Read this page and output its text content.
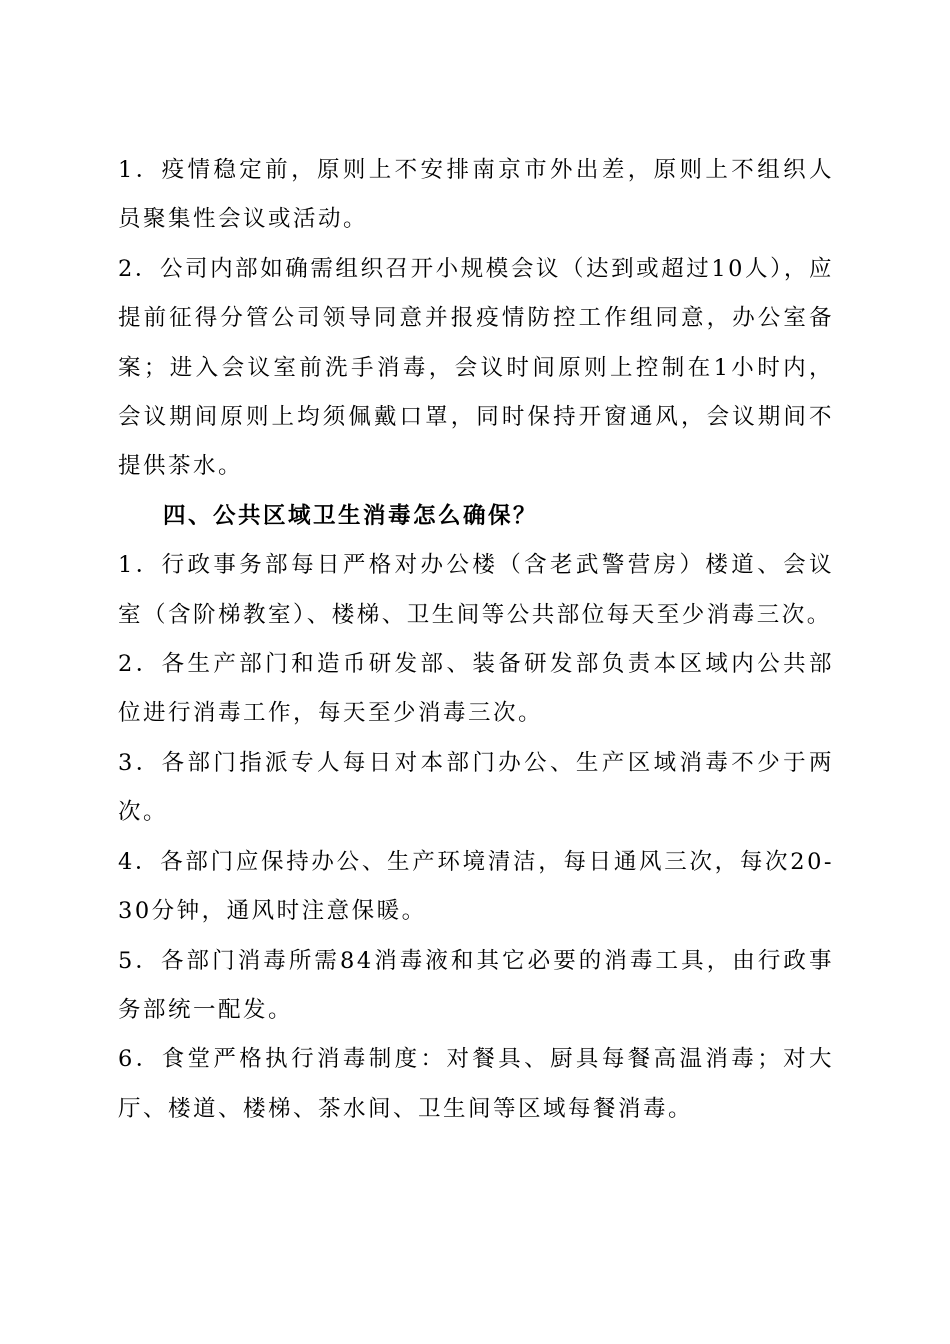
1．疫情稳定前，原则上不安排南京市外出差，原则上不组织人员聚集性会议或活动。

2．公司内部如确需组织召开小规模会议（达到或超过10人），应提前征得分管公司领导同意并报疫情防控工作组同意，办公室备案；进入会议室前洗手消毒，会议时间原则上控制在1小时内，会议期间原则上均须佩戴口罩，同时保持开窗通风，会议期间不提供茶水。

四、公共区域卫生消毒怎么确保？

1．行政事务部每日严格对办公楼（含老武警营房）楼道、会议室（含阶梯教室）、楼梯、卫生间等公共部位每天至少消毒三次。

2．各生产部门和造币研发部、装备研发部负责本区域内公共部位进行消毒工作，每天至少消毒三次。

3．各部门指派专人每日对本部门办公、生产区域消毒不少于两次。

4．各部门应保持办公、生产环境清洁，每日通风三次，每次20-30分钟，通风时注意保暖。

5．各部门消毒所需84消毒液和其它必要的消毒工具，由行政事务部统一配发。

6．食堂严格执行消毒制度：对餐具、厨具每餐高温消毒；对大厅、楼道、楼梯、茶水间、卫生间等区域每餐消毒。
